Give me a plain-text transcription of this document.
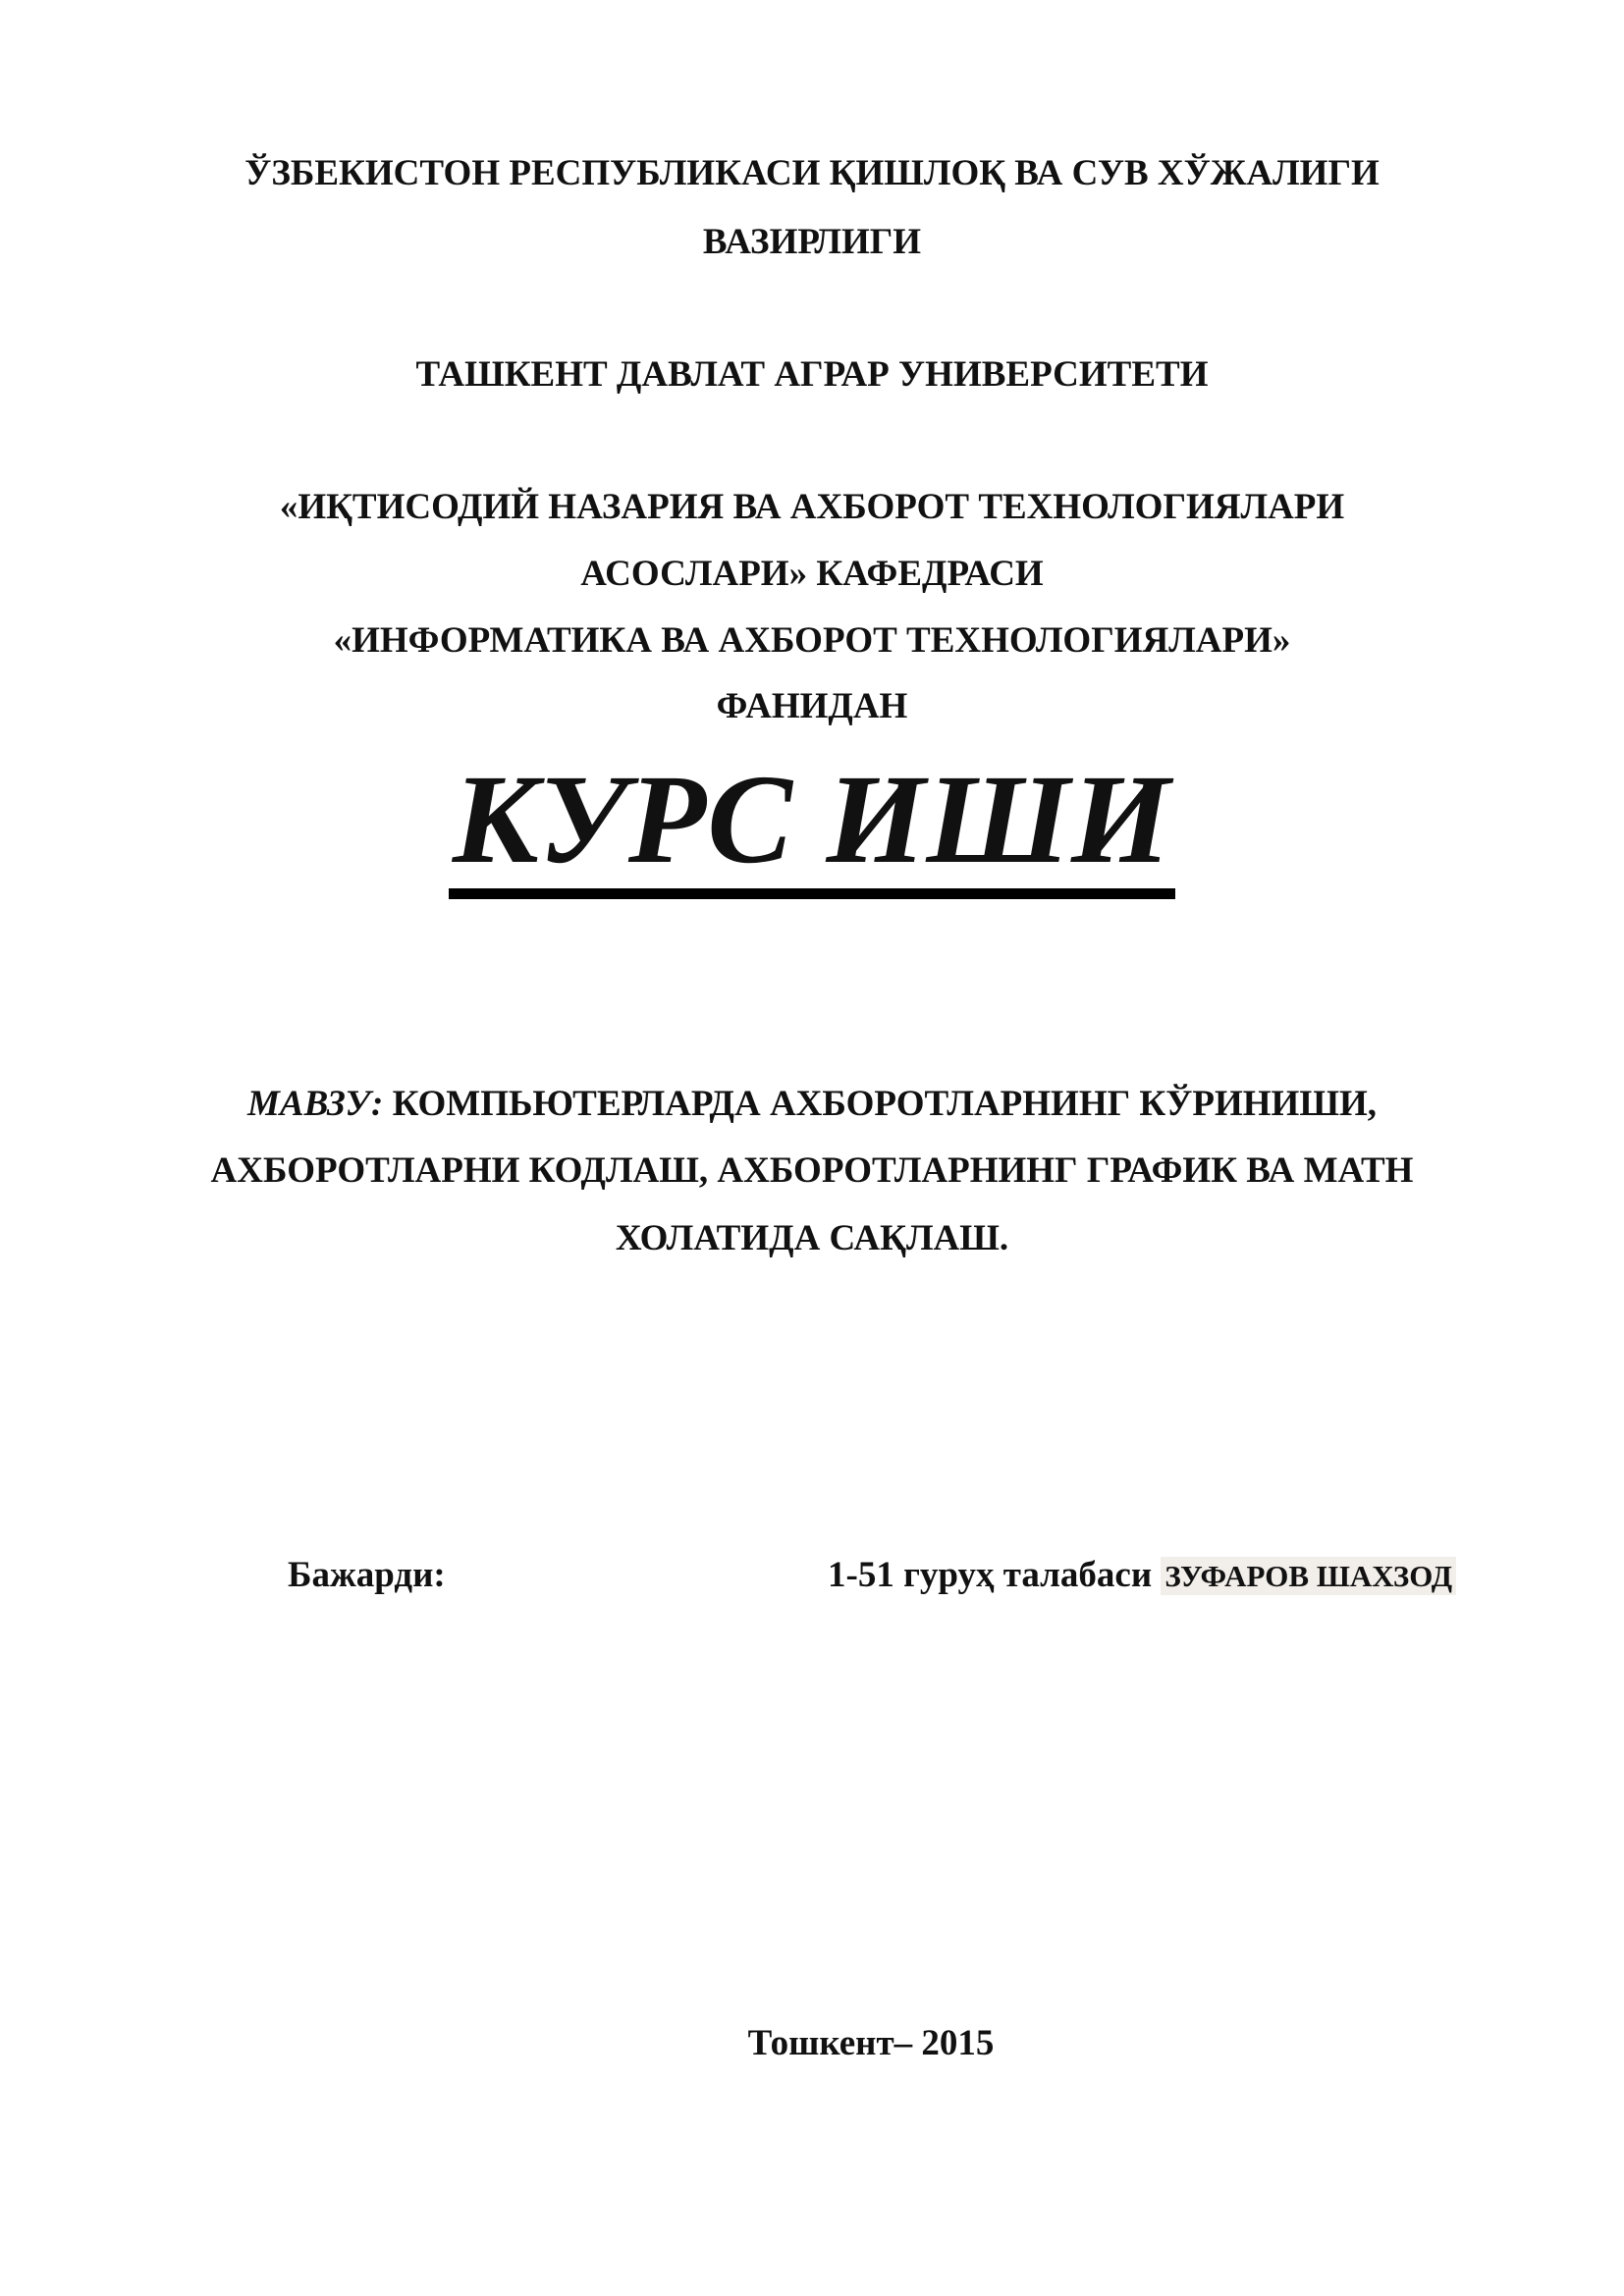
ЎЗБЕКИСТОН РЕСПУБЛИКАСИ ҚИШЛОҚ ВА СУВ ХЎЖАЛИГИ
ВАЗИРЛИГИ
ТАШКЕНТ ДАВЛАТ АГРАР УНИВЕРСИТЕТИ
«ИҚТИСОДИЙ НАЗАРИЯ ВА АХБОРОТ ТЕХНОЛОГИЯЛАРИ
АСОСЛАРИ» КАФЕДРАСИ
«ИНФОРМАТИКА ВА АХБОРОТ ТЕХНОЛОГИЯЛАРИ»
ФАНИДАН
КУРС ИШИ
МАВЗУ: КОМПЬЮТЕРЛАРДА АХБОРОТЛАРНИНГ КЎРИНИШИ,
АХБОРОТЛАРНИ КОДЛАШ, АХБОРОТЛАРНИНГ ГРАФИК ВА МАТН
ХОЛАТИДА САҚЛАШ.
Бажарди:	1-51 гуруҳ талабаси ЗУФАРОВ ШАХЗОД
Тошкент– 2015
